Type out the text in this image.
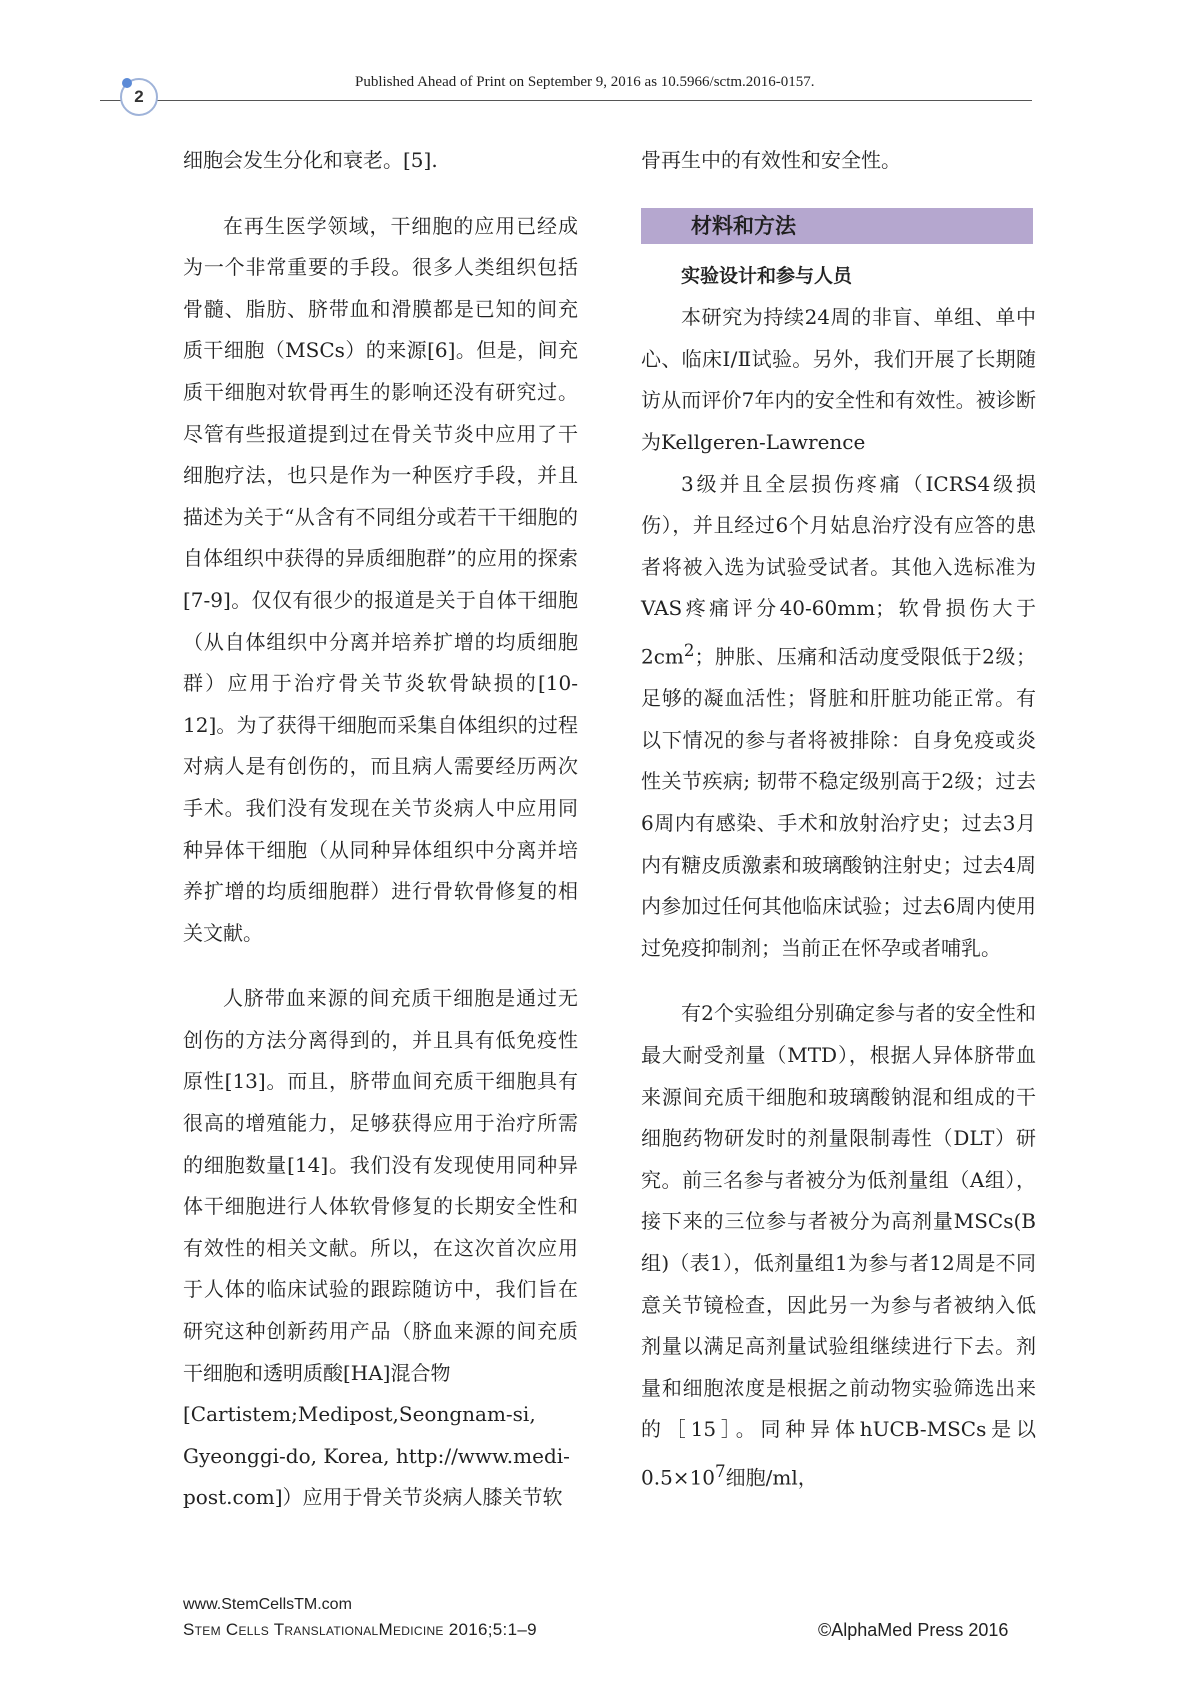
2
Published Ahead of Print on September 9, 2016 as 10.5966/sctm.2016-0157.

细胞会发生分化和衰老。[5].

在再生医学领域，干细胞的应用已经成为一个非常重要的手段。很多人类组织包括骨髓、脂肪、脐带血和滑膜都是已知的间充质干细胞（MSCs）的来源[6]。但是，间充质干细胞对软骨再生的影响还没有研究过。尽管有些报道提到过在骨关节炎中应用了干细胞疗法，也只是作为一种医疗手段，并且描述为关于“从含有不同组分或若干干细胞的自体组织中获得的异质细胞群”的应用的探索[7-9]。仅仅有很少的报道是关于自体干细胞（从自体组织中分离并培养扩增的均质细胞群）应用于治疗骨关节炎软骨缺损的[10-12]。为了获得干细胞而采集自体组织的过程对病人是有创伤的，而且病人需要经历两次手术。我们没有发现在关节炎病人中应用同种异体干细胞（从同种异体组织中分离并培养扩增的均质细胞群）进行骨软骨修复的相关文献。

人脐带血来源的间充质干细胞是通过无创伤的方法分离得到的，并且具有低免疫性原性[13]。而且，脐带血间充质干细胞具有很高的增殖能力，足够获得应用于治疗所需的细胞数量[14]。我们没有发现使用同种异体干细胞进行人体软骨修复的长期安全性和有效性的相关文献。所以，在这次首次应用于人体的临床试验的跟踪随访中，我们旨在研究这种创新药用产品（脐血来源的间充质干细胞和透明质酸[HA]混合物

[Cartistem;Medipost,Seongnam-si,

Gyeonggi-do, Korea, http://www.medi-

post.com]）应用于骨关节炎病人膝关节软

骨再生中的有效性和安全性。

材料和方法

实验设计和参与人员

本研究为持续24周的非盲、单组、单中心、临床Ⅰ/Ⅱ试验。另外，我们开展了长期随访从而评价7年内的安全性和有效性。被诊断为Kellgeren-Lawrence

3级并且全层损伤疼痛（ICRS4级损伤），并且经过6个月姑息治疗没有应答的患者将被入选为试验受试者。其他入选标准为VAS疼痛评分40-60mm；软骨损伤大于$2cm^2$；肿胀、压痛和活动度受限低于2级；足够的凝血活性；肾脏和肝脏功能正常。有以下情况的参与者将被排除：自身免疫或炎性关节疾病; 韧带不稳定级别高于2级；过去6周内有感染、手术和放射治疗史；过去3月内有糖皮质激素和玻璃酸钠注射史；过去4周内参加过任何其他临床试验；过去6周内使用过免疫抑制剂；当前正在怀孕或者哺乳。

有2个实验组分别确定参与者的安全性和最大耐受剂量（MTD），根据人异体脐带血来源间充质干细胞和玻璃酸钠混和组成的干细胞药物研发时的剂量限制毒性（DLT）研究。前三名参与者被分为低剂量组（A组），接下来的三位参与者被分为高剂量MSCs(B组)（表1），低剂量组1为参与者12周是不同意关节镜检查，因此另一为参与者被纳入低剂量以满足高剂量试验组继续进行下去。剂量和细胞浓度是根据之前动物实验筛选出来的［15］。同种异体hUCB-MSCs是以$0.5\times 10^7$细胞/ml，

www.StemCellsTM.com
Stem Cells TranslationalMedicine 2016;5:1–9	©AlphaMed Press 2016
